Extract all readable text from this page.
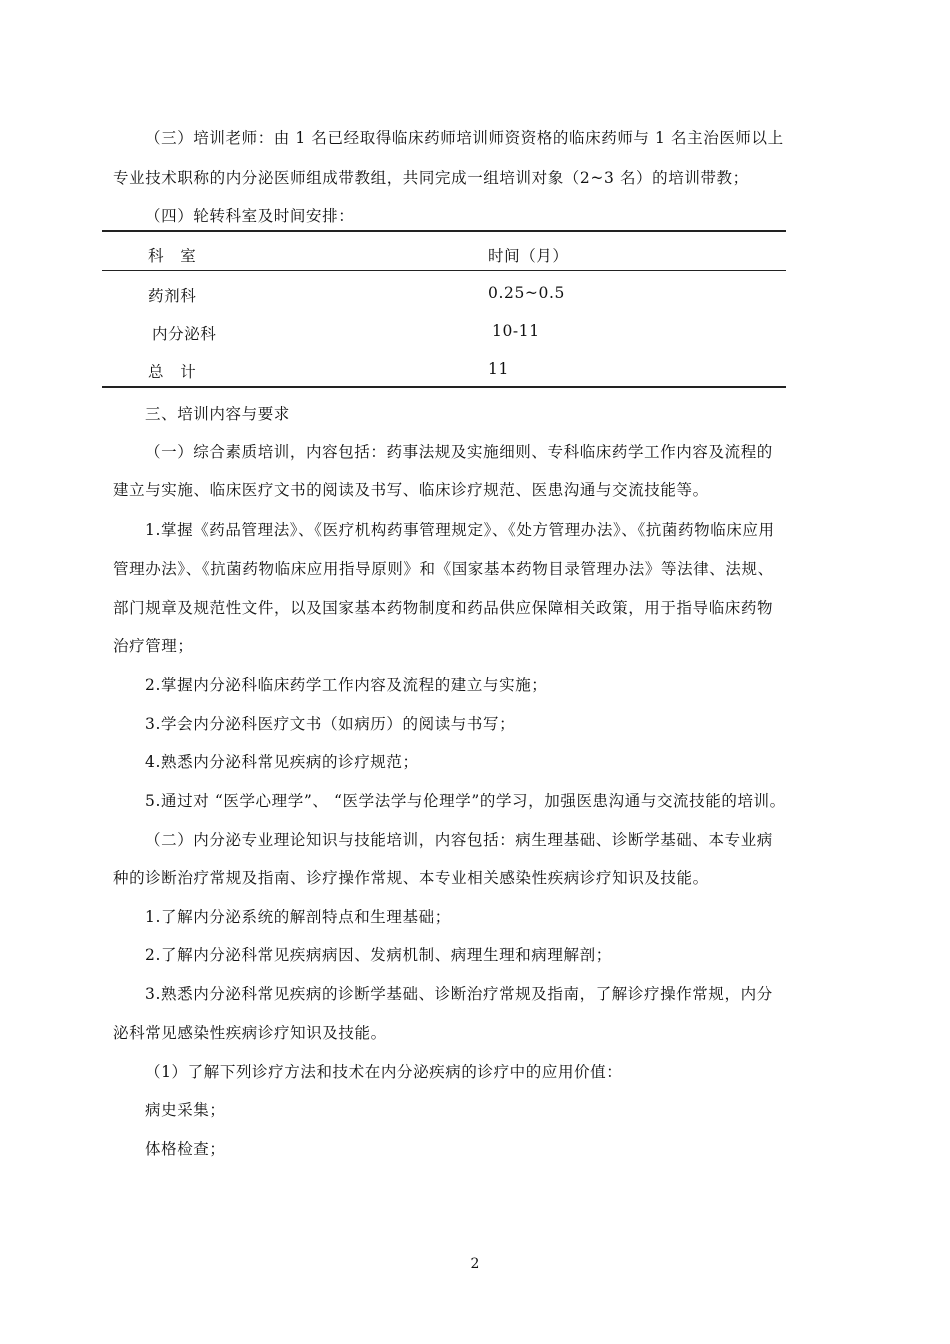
（三）培训老师：由 1 名已经取得临床药师培训师资资格的临床药师与 1 名主治医师以上
专业技术职称的内分泌医师组成带教组，共同完成一组培训对象（2~3 名）的培训带教；
（四）轮转科室及时间安排：
科　室	时间（月）
药剂科	0.25~0.5
内分泌科	10-11
总　计	11
三、培训内容与要求
（一）综合素质培训，内容包括：药事法规及实施细则、专科临床药学工作内容及流程的
建立与实施、临床医疗文书的阅读及书写、临床诊疗规范、医患沟通与交流技能等。
1.掌握《药品管理法》、《医疗机构药事管理规定》、《处方管理办法》、《抗菌药物临床应用
管理办法》、《抗菌药物临床应用指导原则》和《国家基本药物目录管理办法》等法律、法规、
部门规章及规范性文件，以及国家基本药物制度和药品供应保障相关政策，用于指导临床药物
治疗管理；
2.掌握内分泌科临床药学工作内容及流程的建立与实施；
3.学会内分泌科医疗文书（如病历）的阅读与书写；
4.熟悉内分泌科常见疾病的诊疗规范；
5.通过对 “医学心理学”、 “医学法学与伦理学”的学习，加强医患沟通与交流技能的培训。
（二）内分泌专业理论知识与技能培训，内容包括：病生理基础、诊断学基础、本专业病
种的诊断治疗常规及指南、诊疗操作常规、本专业相关感染性疾病诊疗知识及技能。
1.了解内分泌系统的解剖特点和生理基础；
2.了解内分泌科常见疾病病因、发病机制、病理生理和病理解剖；
3.熟悉内分泌科常见疾病的诊断学基础、诊断治疗常规及指南，了解诊疗操作常规，内分
泌科常见感染性疾病诊疗知识及技能。
（1）了解下列诊疗方法和技术在内分泌疾病的诊疗中的应用价值：
病史采集；
体格检查；
2
